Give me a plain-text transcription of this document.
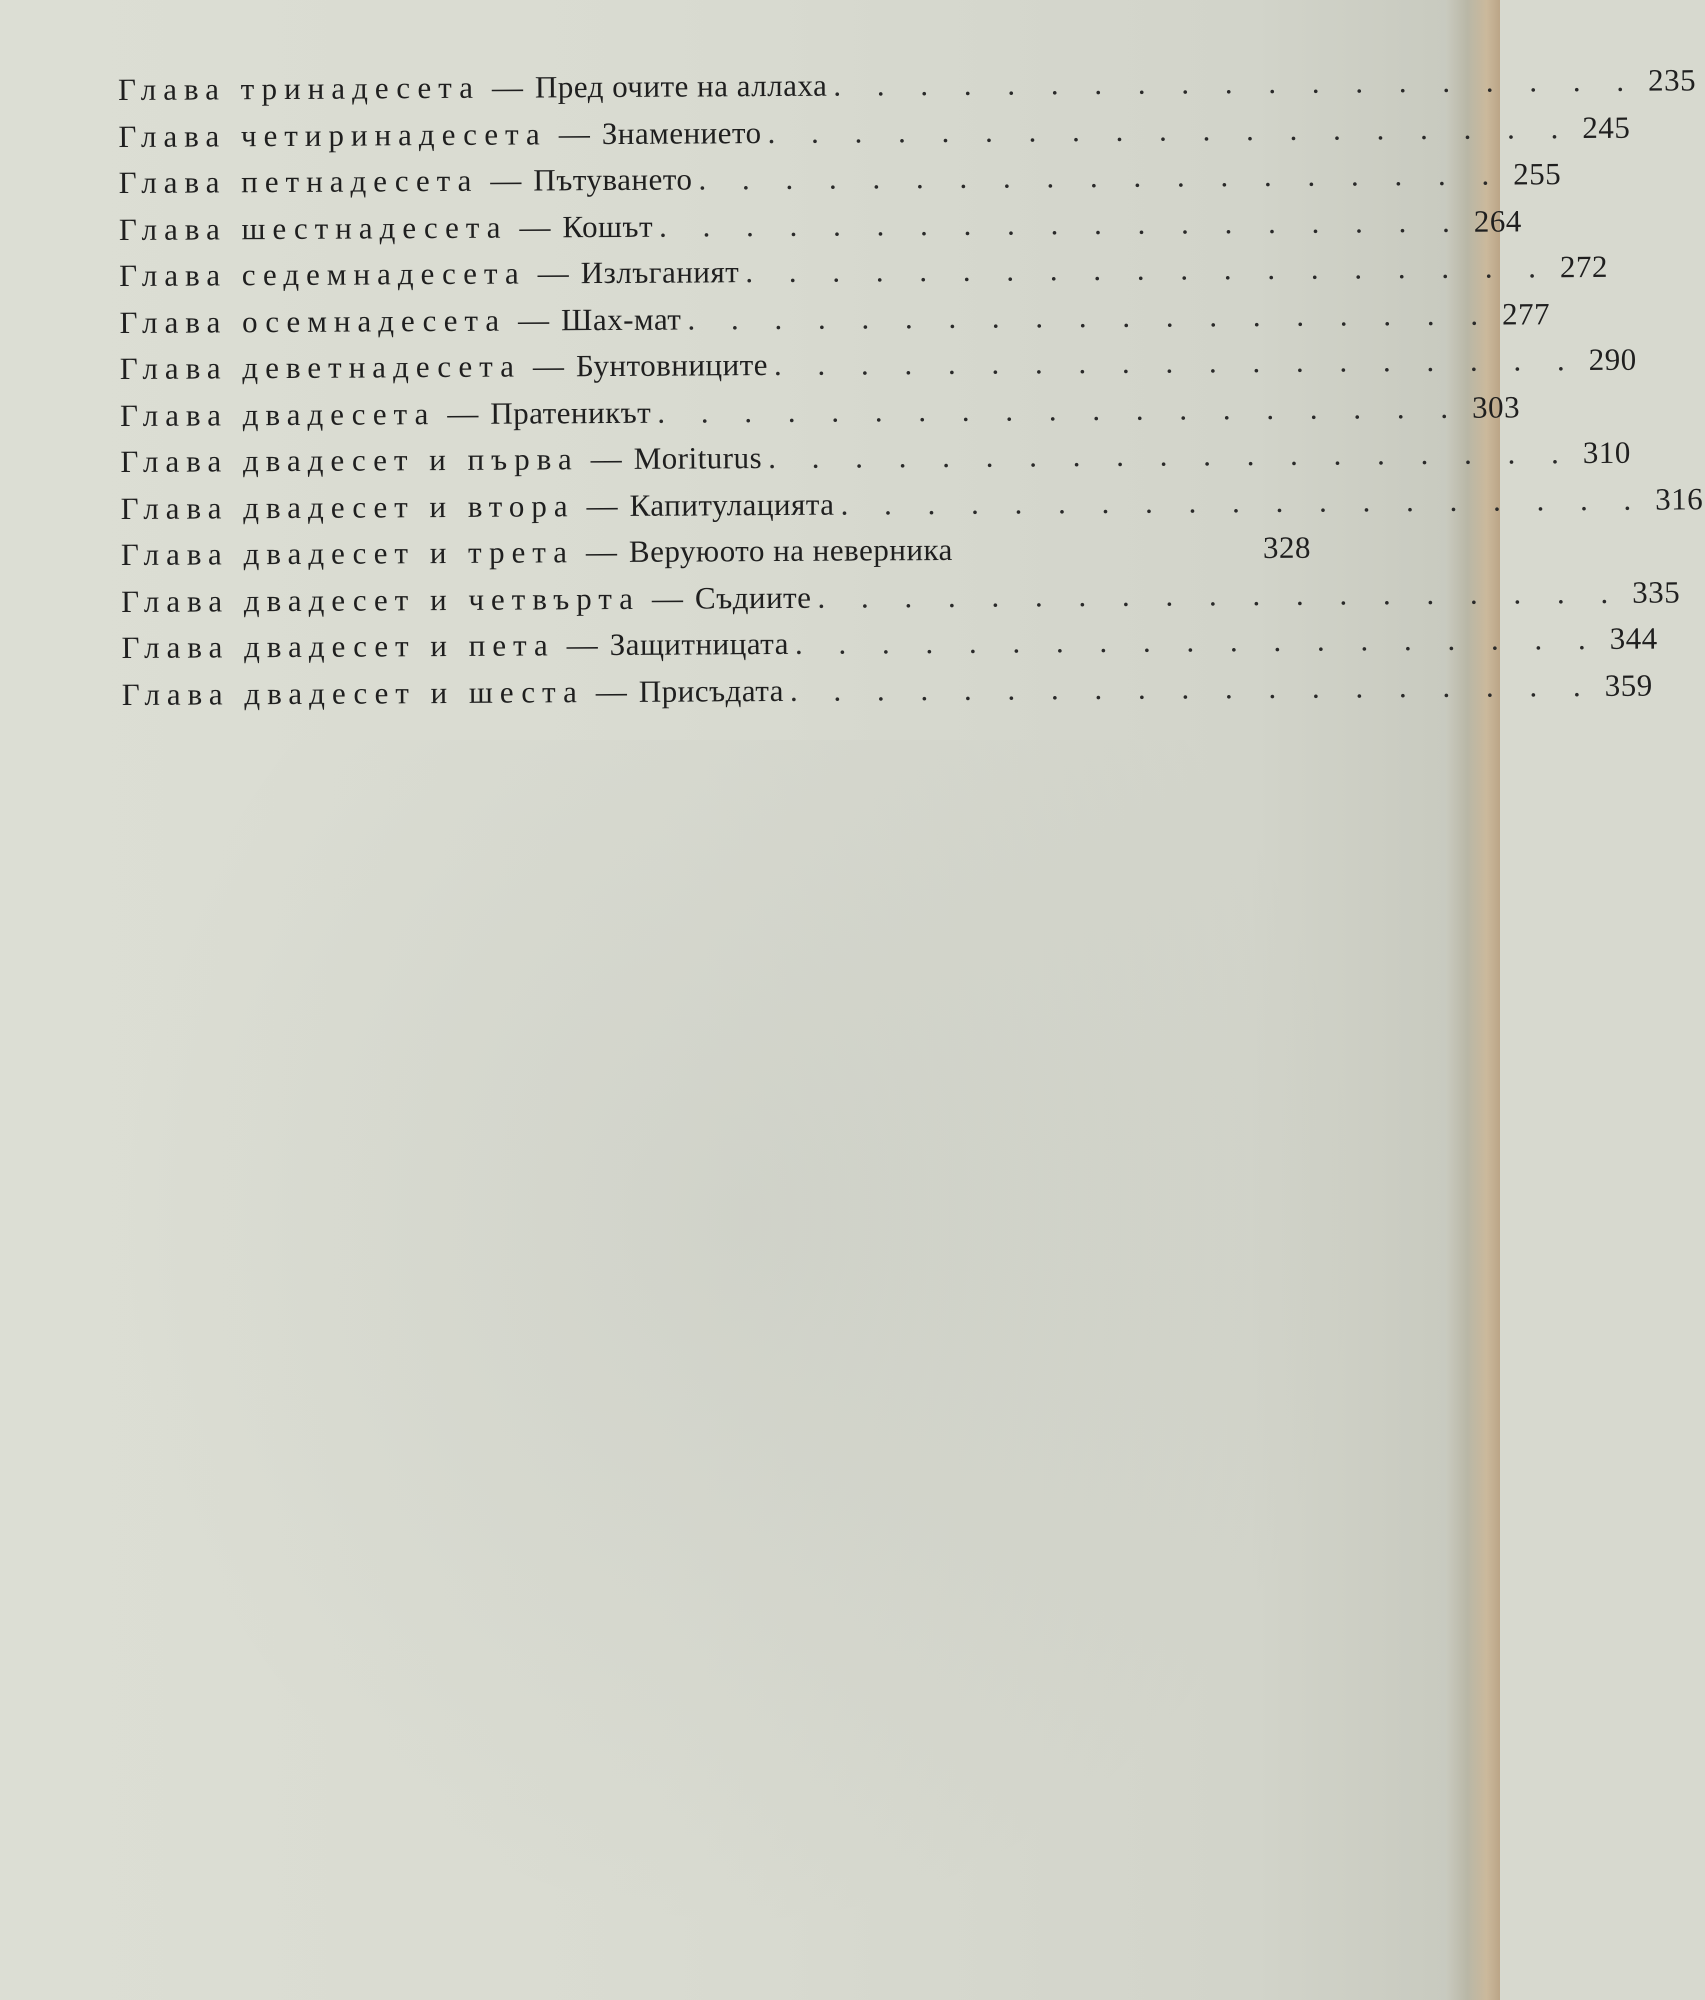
Глава тринадесета — Пред очите на аллаха . . . . . . . . . . . . . . . . . . . 235
Глава четиринадесета — Знамението . . . . . . . . . . . . . . . . . . . 245
Глава петнадесета — Пътуването . . . . . . . . . . . . . . . . . . . 255
Глава шестнадесета — Кошът . . . . . . . . . . . . . . . . . . . 264
Глава седемнадесета — Излъганият . . . . . . . . . . . . . . . . . . . 272
Глава осемнадесета — Шах-мат . . . . . . . . . . . . . . . . . . . 277
Глава деветнадесета — Бунтовниците . . . . . . . . . . . . . . . . . . . 290
Глава двадесета — Пратеникът . . . . . . . . . . . . . . . . . . . 303
Глава двадесет и първа — Moriturus . . . . . . . . . . . . . . . . . . . 310
Глава двадесет и втора — Капитулацията . . . . . . . . . . . . . . . . . . . 316
Глава двадесет и трета — Веруюото на неверника	328
Глава двадесет и четвърта — Съдиите . . . . . . . . . . . . . . . . . . . 335
Глава двадесет и пета — Защитницата . . . . . . . . . . . . . . . . . . . 344
Глава двадесет и шеста — Присъдата . . . . . . . . . . . . . . . . . . . 359
